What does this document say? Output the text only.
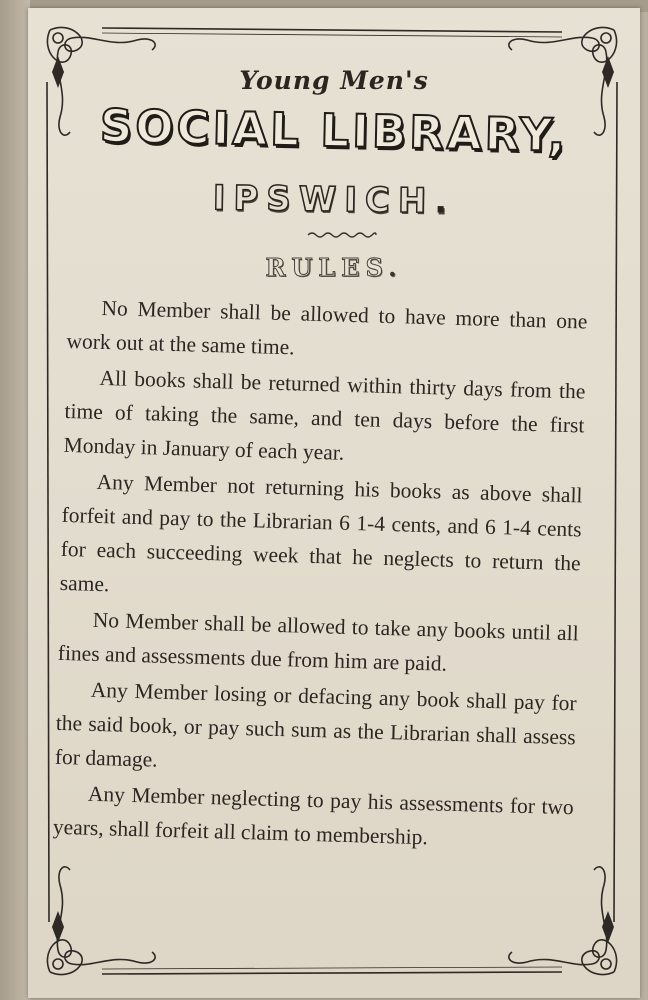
Young Men's
SOCIAL LIBRARY,
IPSWICH.
RULES.

No Member shall be allowed to have more than one work out at the same time.

All books shall be returned within thirty days from the time of taking the same, and ten days before the first Monday in January of each year.

Any Member not returning his books as above shall forfeit and pay to the Librarian 6 1-4 cents, and 6 1-4 cents for each succeeding week that he neglects to return the same.

No Member shall be allowed to take any books until all fines and assessments due from him are paid.

Any Member losing or defacing any book shall pay for the said book, or pay such sum as the Librarian shall assess for damage.

Any Member neglecting to pay his assessments for two years, shall forfeit all claim to membership.
